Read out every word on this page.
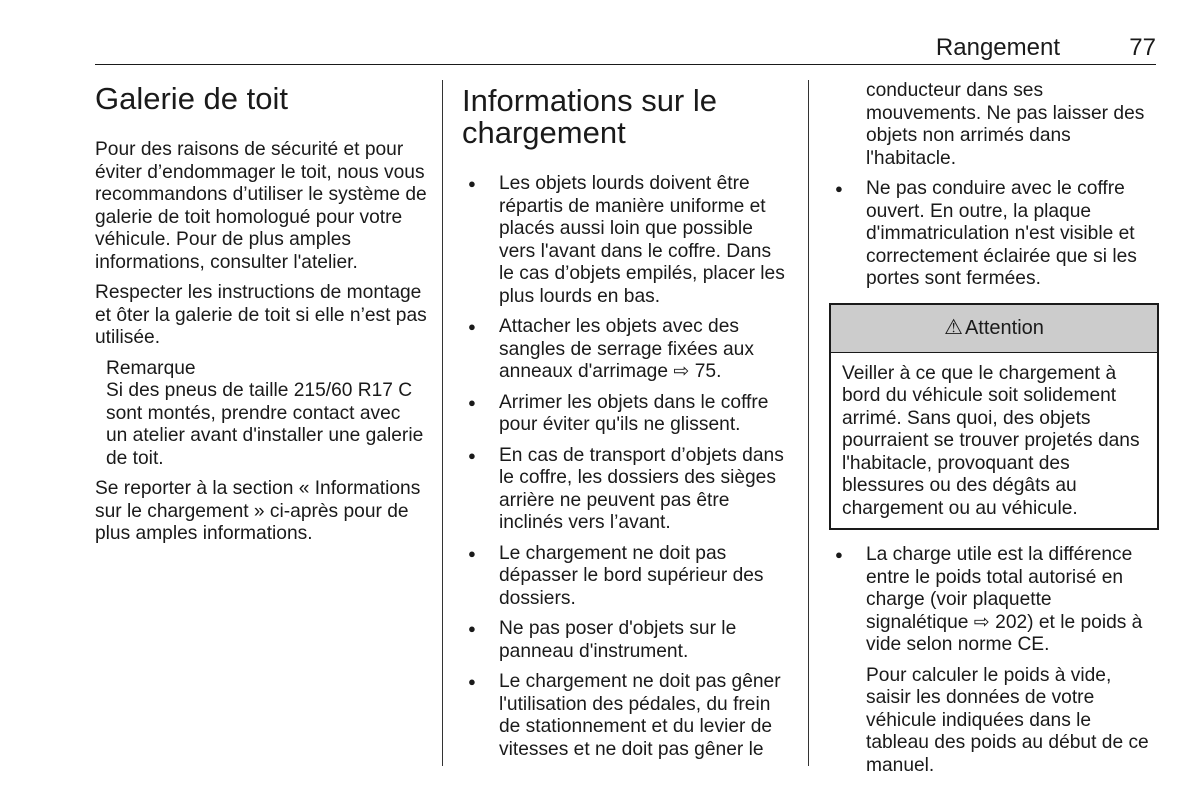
Rangement	77
Galerie de toit

Pour des raisons de sécurité et pour éviter d’endommager le toit, nous vous recommandons d’utiliser le système de galerie de toit homologué pour votre véhicule. Pour de plus amples informations, consulter l'atelier.

Respecter les instructions de montage et ôter la galerie de toit si elle n’est pas utilisée.

Remarque
Si des pneus de taille 215/60 R17 C sont montés, prendre contact avec un atelier avant d'installer une galerie de toit.

Se reporter à la section « Informations sur le chargement » ci-après pour de plus amples informations.

Informations sur le chargement
● Les objets lourds doivent être répartis de manière uniforme et placés aussi loin que possible vers l'avant dans le coffre. Dans le cas d’objets empilés, placer les plus lourds en bas.
● Attacher les objets avec des sangles de serrage fixées aux anneaux d'arrimage ⇨ 75.
● Arrimer les objets dans le coffre pour éviter qu'ils ne glissent.
● En cas de transport d’objets dans le coffre, les dossiers des sièges arrière ne peuvent pas être inclinés vers l’avant.
● Le chargement ne doit pas dépasser le bord supérieur des dossiers.
● Ne pas poser d'objets sur le panneau d'instrument.
● Le chargement ne doit pas gêner l'utilisation des pédales, du frein de stationnement et du levier de vitesses et ne doit pas gêner le

conducteur dans ses mouvements. Ne pas laisser des objets non arrimés dans l'habitacle.

● Ne pas conduire avec le coffre ouvert. En outre, la plaque d'immatriculation n'est visible et correctement éclairée que si les portes sont fermées.
⚠ Attention
Veiller à ce que le chargement à bord du véhicule soit solidement arrimé. Sans quoi, des objets pourraient se trouver projetés dans l'habitacle, provoquant des blessures ou des dégâts au chargement ou au véhicule.
● La charge utile est la différence entre le poids total autorisé en charge (voir plaquette signalétique ⇨ 202) et le poids à vide selon norme CE.

Pour calculer le poids à vide, saisir les données de votre véhicule indiquées dans le tableau des poids au début de ce manuel.
